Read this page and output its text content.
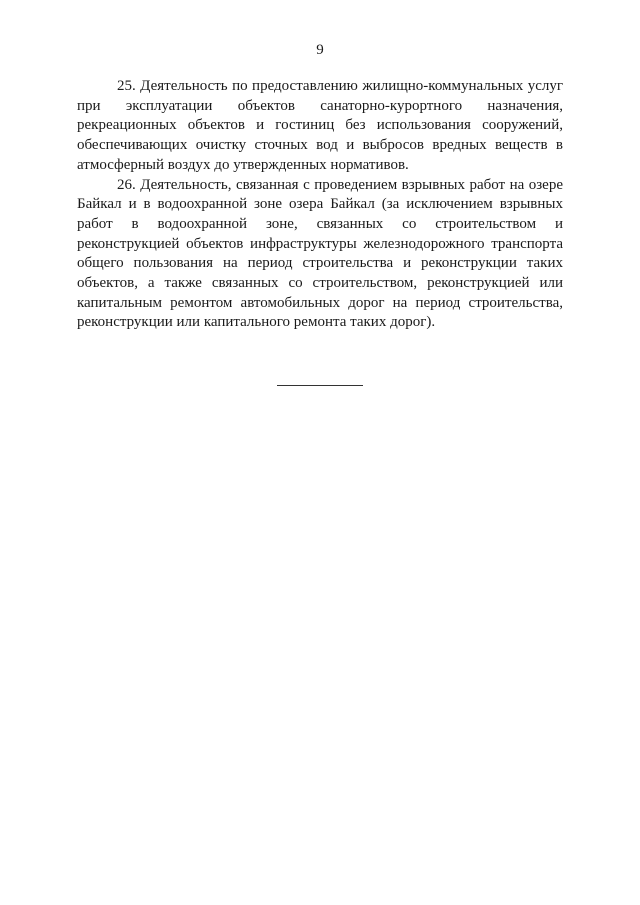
9

25. Деятельность по предоставлению жилищно-коммунальных услуг при эксплуатации объектов санаторно-курортного назначения, рекреационных объектов и гостиниц без использования сооружений, обеспечивающих очистку сточных вод и выбросов вредных веществ в атмосферный воздух до утвержденных нормативов.

26. Деятельность, связанная с проведением взрывных работ на озере Байкал и в водоохранной зоне озера Байкал (за исключением взрывных работ в водоохранной зоне, связанных со строительством и реконструкцией объектов инфраструктуры железнодорожного транспорта общего пользования на период строительства и реконструкции таких объектов, а также связанных со строительством, реконструкцией или капитальным ремонтом автомобильных дорог на период строительства, реконструкции или капитального ремонта таких дорог).
